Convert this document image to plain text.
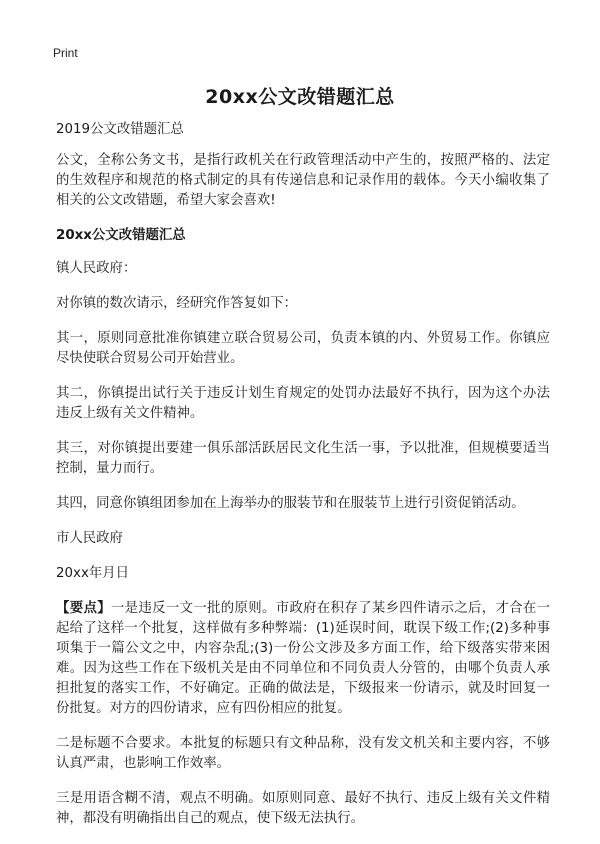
Print
20xx公文改错题汇总

2019公文改错题汇总

公文，全称公务文书，是指行政机关在行政管理活动中产生的，按照严格的、法定的生效程序和规范的格式制定的具有传递信息和记录作用的载体。今天小编收集了相关的公文改错题，希望大家会喜欢!

20xx公文改错题汇总

镇人民政府：

对你镇的数次请示，经研究作答复如下：

其一，原则同意批准你镇建立联合贸易公司，负责本镇的内、外贸易工作。你镇应尽快使联合贸易公司开始营业。

其二，你镇提出试行关于违反计划生育规定的处罚办法最好不执行，因为这个办法违反上级有关文件精神。

其三，对你镇提出要建一俱乐部活跃居民文化生活一事，予以批准，但规模要适当控制，量力而行。

其四，同意你镇组团参加在上海举办的服装节和在服装节上进行引资促销活动。

市人民政府

20xx年月日

【要点】一是违反一文一批的原则。市政府在积存了某乡四件请示之后，才合在一起给了这样一个批复，这样做有多种弊端：(1)延误时间，耽误下级工作;(2)多种事项集于一篇公文之中，内容杂乱;(3)一份公文涉及多方面工作，给下级落实带来困难。因为这些工作在下级机关是由不同单位和不同负责人分管的，由哪个负责人承担批复的落实工作，不好确定。正确的做法是，下级报来一份请示，就及时回复一份批复。对方的四份请求，应有四份相应的批复。

二是标题不合要求。本批复的标题只有文种品称，没有发文机关和主要内容，不够认真严肃，也影响工作效率。

三是用语含糊不清，观点不明确。如原则同意、最好不执行、违反上级有关文件精神，都没有明确指出自己的观点，使下级无法执行。
